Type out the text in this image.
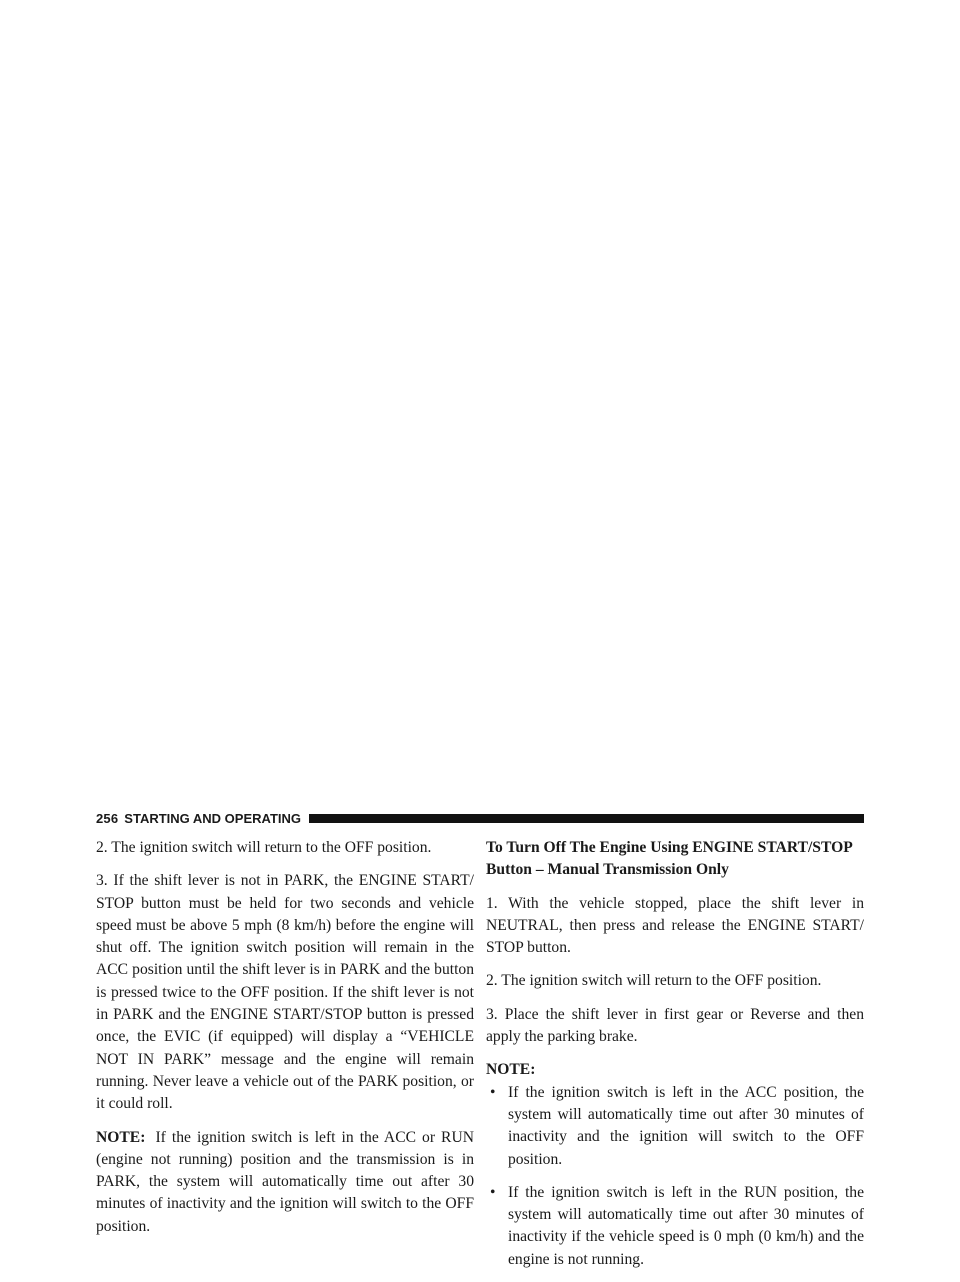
256 STARTING AND OPERATING

2. The ignition switch will return to the OFF position.

3. If the shift lever is not in PARK, the ENGINE START/ STOP button must be held for two seconds and vehicle speed must be above 5 mph (8 km/h) before the engine will shut off. The ignition switch position will remain in the ACC position until the shift lever is in PARK and the button is pressed twice to the OFF position. If the shift lever is not in PARK and the ENGINE START/STOP button is pressed once, the EVIC (if equipped) will display a “VEHICLE NOT IN PARK” message and the engine will remain running. Never leave a vehicle out of the PARK position, or it could roll.

NOTE: If the ignition switch is left in the ACC or RUN (engine not running) position and the transmission is in PARK, the system will automatically time out after 30 minutes of inactivity and the ignition will switch to the OFF position.

To Turn Off The Engine Using ENGINE START/STOP Button – Manual Transmission Only

1. With the vehicle stopped, place the shift lever in NEUTRAL, then press and release the ENGINE START/ STOP button.

2. The ignition switch will return to the OFF position.

3. Place the shift lever in first gear or Reverse and then apply the parking brake.

NOTE:
• If the ignition switch is left in the ACC position, the system will automatically time out after 30 minutes of inactivity and the ignition will switch to the OFF position.
• If the ignition switch is left in the RUN position, the system will automatically time out after 30 minutes of inactivity if the vehicle speed is 0 mph (0 km/h) and the engine is not running.
